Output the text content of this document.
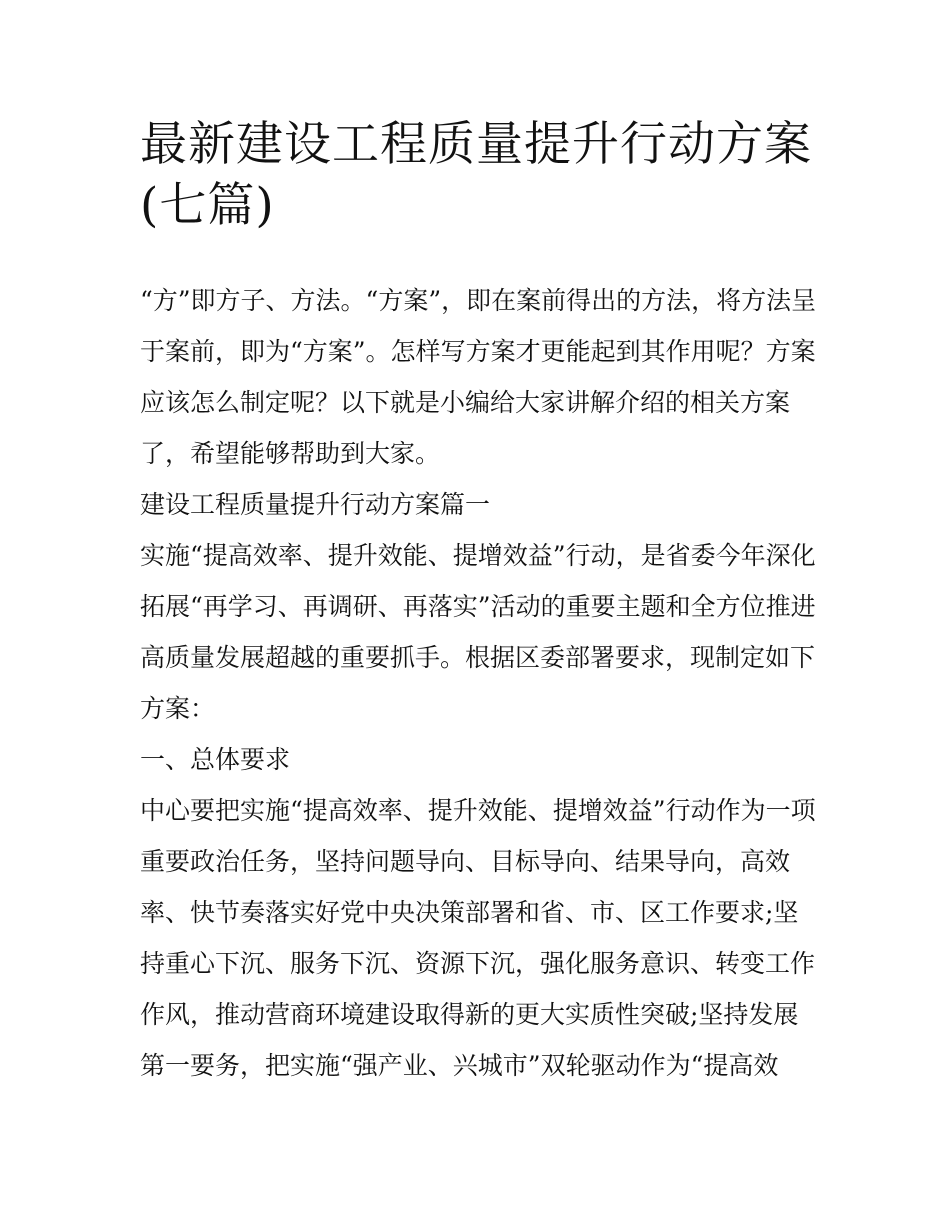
最新建设工程质量提升行动方案(七篇)

“方”即方子、方法。“方案”，即在案前得出的方法，将方法呈于案前，即为“方案”。怎样写方案才更能起到其作用呢？方案应该怎么制定呢？以下就是小编给大家讲解介绍的相关方案了，希望能够帮助到大家。

建设工程质量提升行动方案篇一

实施“提高效率、提升效能、提增效益”行动，是省委今年深化拓展“再学习、再调研、再落实”活动的重要主题和全方位推进高质量发展超越的重要抓手。根据区委部署要求，现制定如下方案：

一、总体要求

中心要把实施“提高效率、提升效能、提增效益”行动作为一项重要政治任务，坚持问题导向、目标导向、结果导向，高效率、快节奏落实好党中央决策部署和省、市、区工作要求;坚持重心下沉、服务下沉、资源下沉，强化服务意识、转变工作作风，推动营商环境建设取得新的更大实质性突破;坚持发展第一要务，把实施“强产业、兴城市”双轮驱动作为“提高效
